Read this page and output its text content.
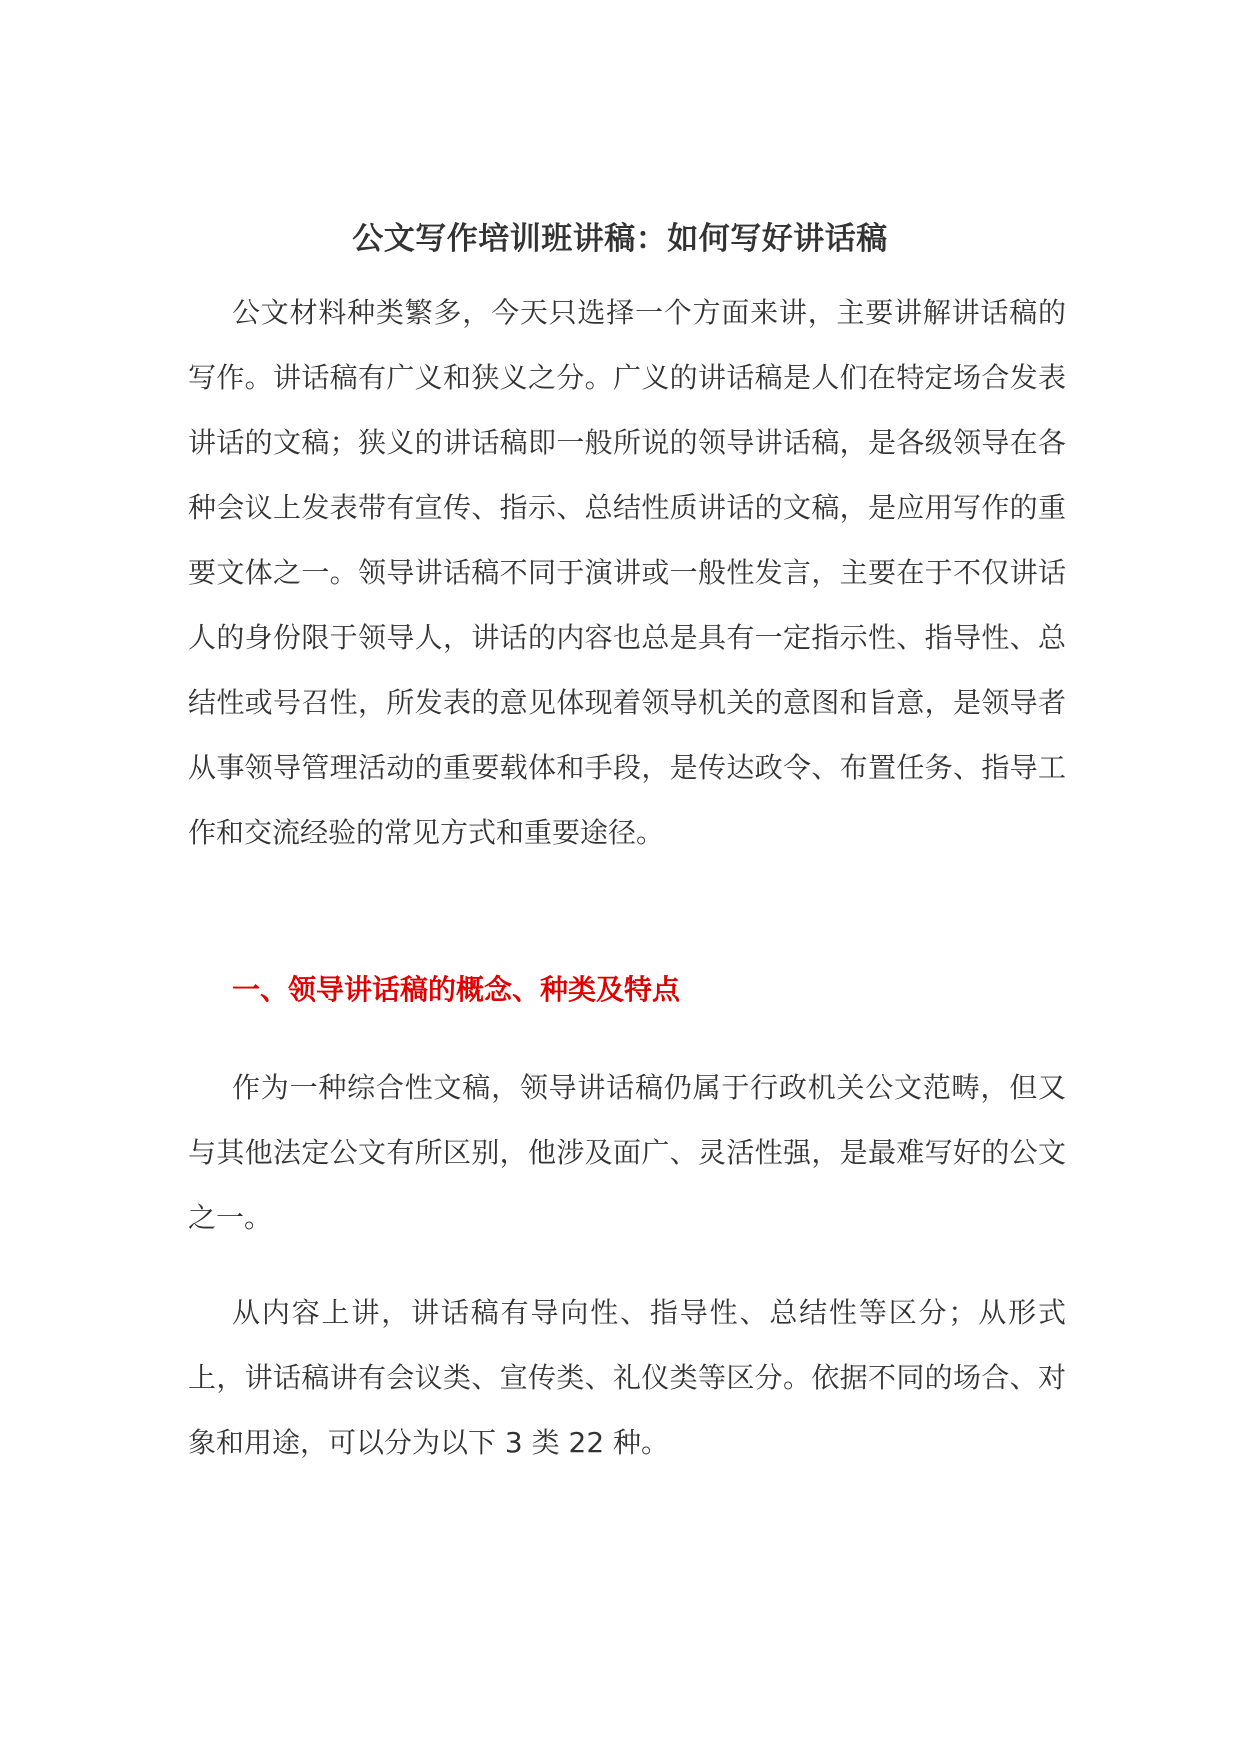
公文写作培训班讲稿：如何写好讲话稿

公文材料种类繁多，今天只选择一个方面来讲，主要讲解讲话稿的写作。讲话稿有广义和狭义之分。广义的讲话稿是人们在特定场合发表讲话的文稿；狭义的讲话稿即一般所说的领导讲话稿，是各级领导在各种会议上发表带有宣传、指示、总结性质讲话的文稿，是应用写作的重要文体之一。领导讲话稿不同于演讲或一般性发言，主要在于不仅讲话人的身份限于领导人，讲话的内容也总是具有一定指示性、指导性、总结性或号召性，所发表的意见体现着领导机关的意图和旨意，是领导者从事领导管理活动的重要载体和手段，是传达政令、布置任务、指导工作和交流经验的常见方式和重要途径。

一、领导讲话稿的概念、种类及特点

作为一种综合性文稿，领导讲话稿仍属于行政机关公文范畴，但又与其他法定公文有所区别，他涉及面广、灵活性强，是最难写好的公文之一。

从内容上讲，讲话稿有导向性、指导性、总结性等区分；从形式上，讲话稿讲有会议类、宣传类、礼仪类等区分。依据不同的场合、对象和用途，可以分为以下 3 类 22 种。
